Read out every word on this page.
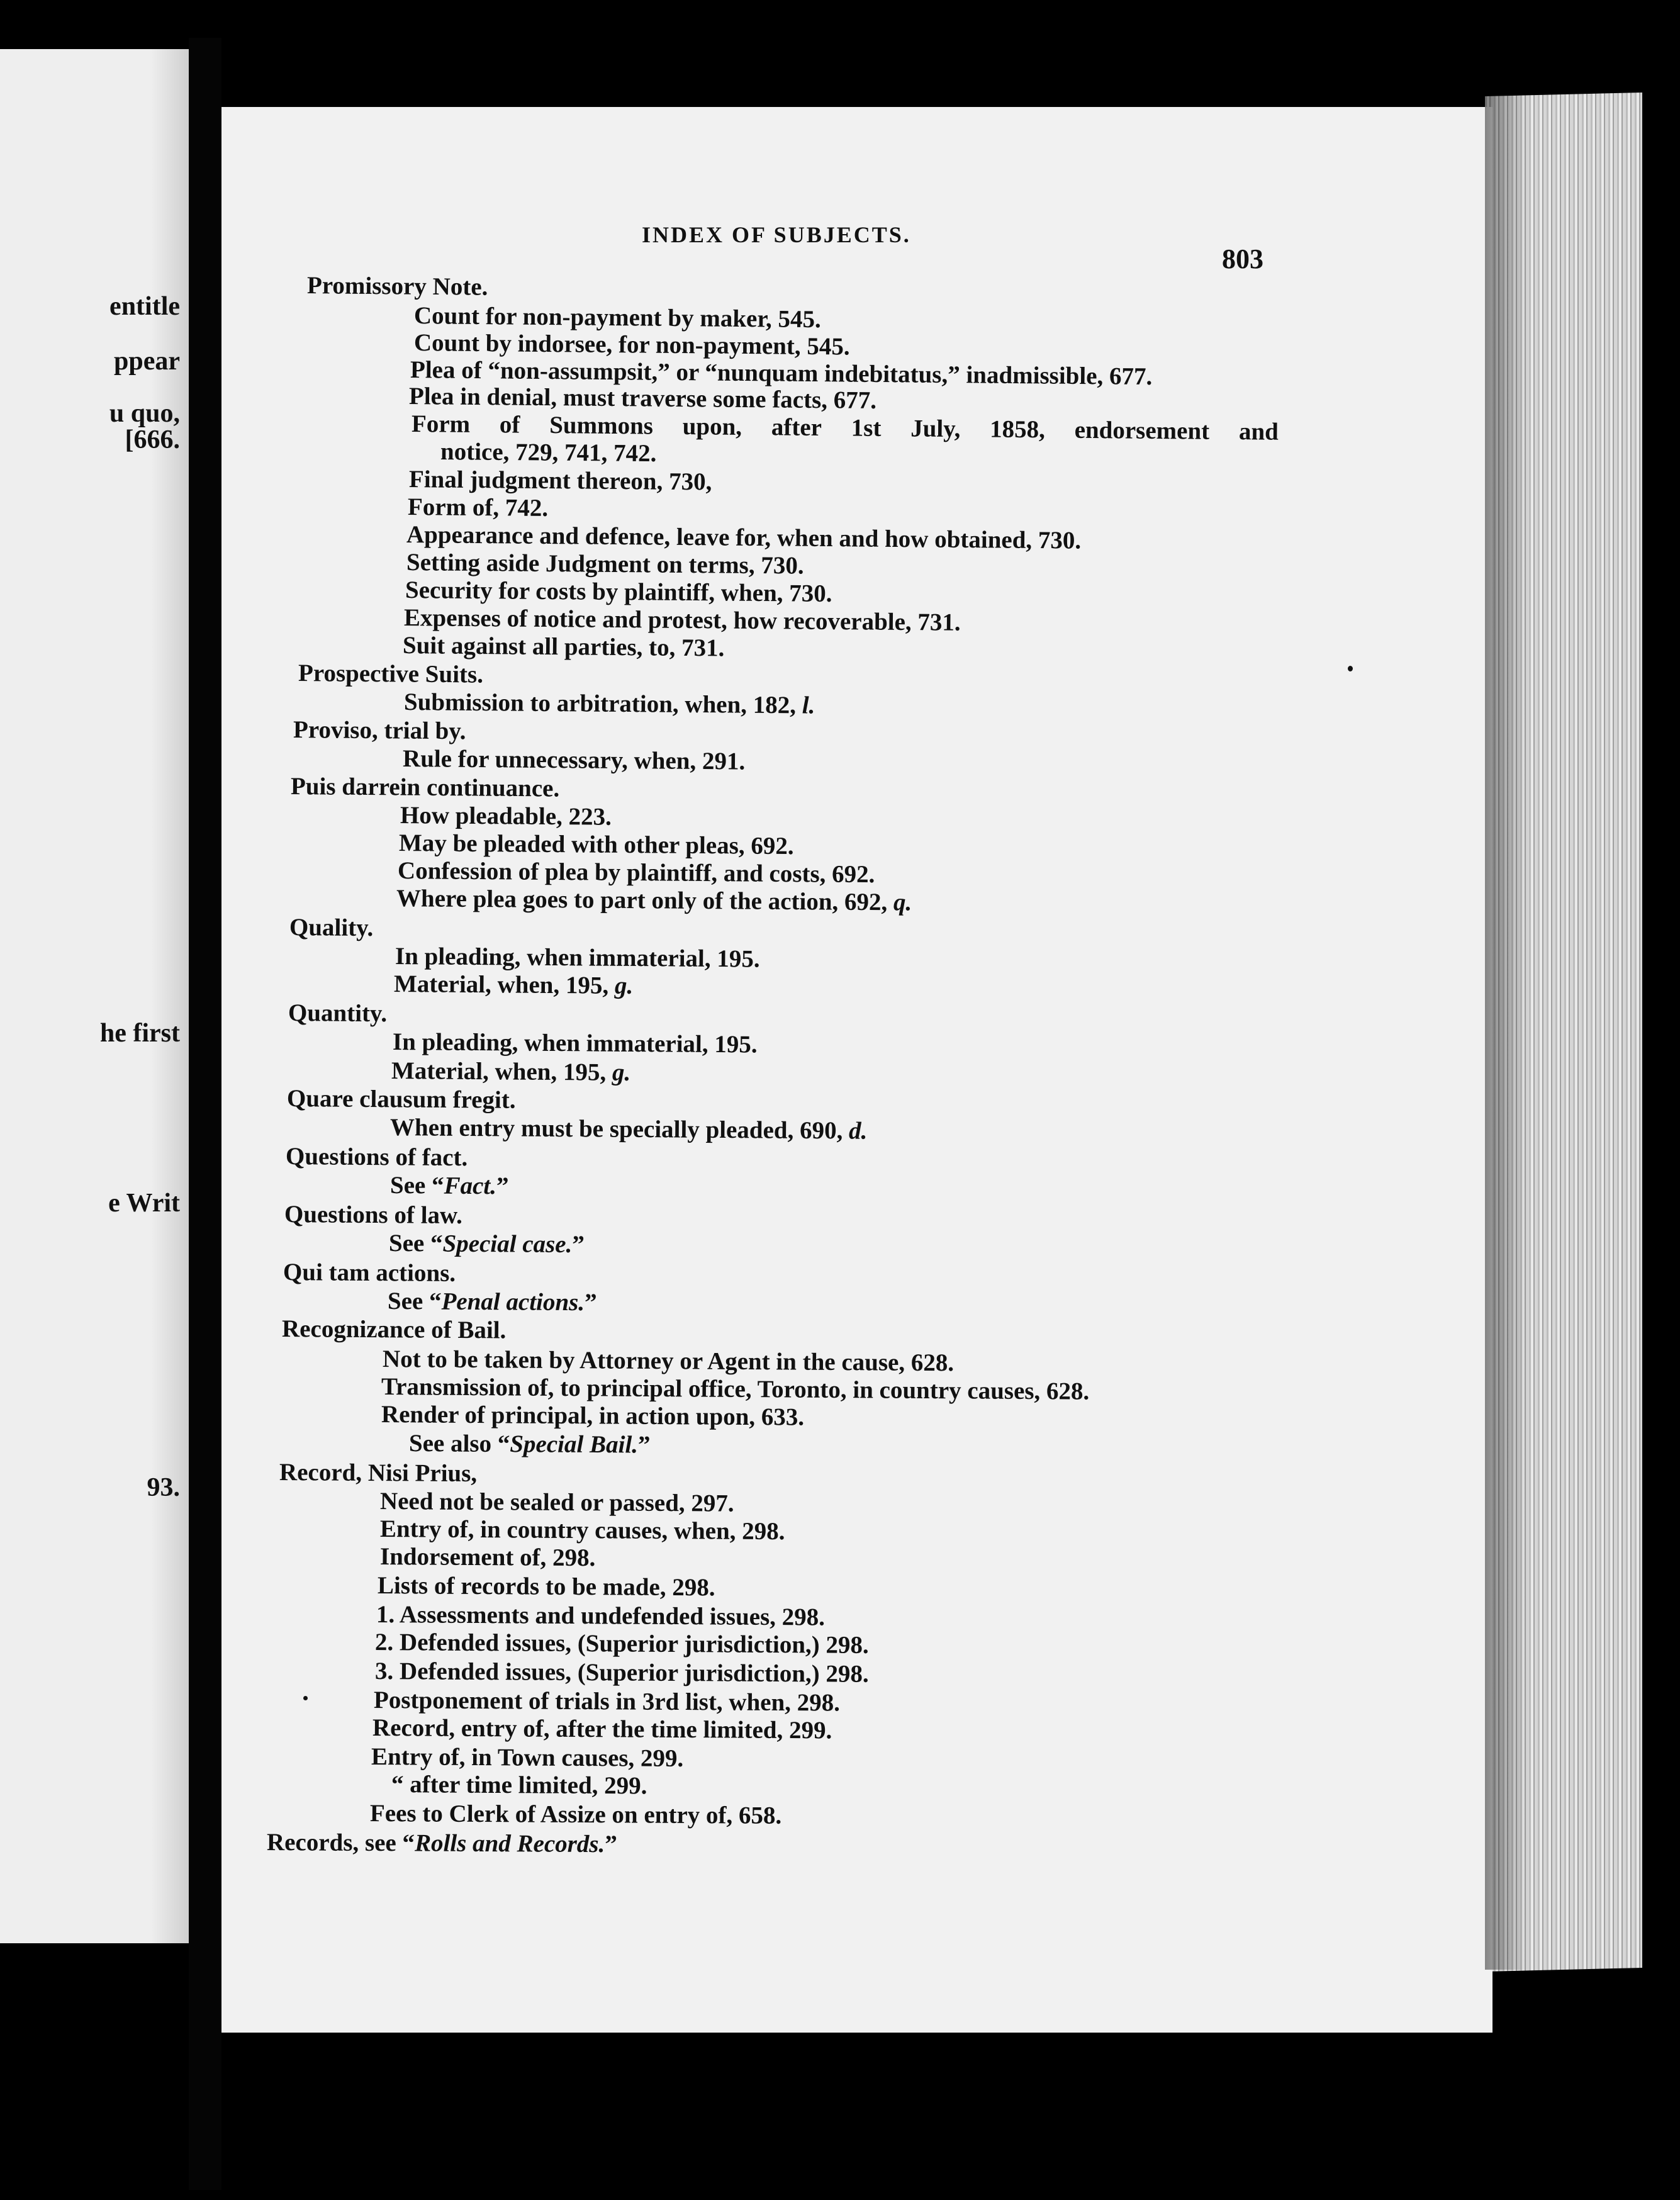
entitle

ppear

u quo,

[666.

he first

e Writ

93.

INDEX OF SUBJECTS.

803

Promissory Note.

Count for non-payment by maker, 545.

Count by indorsee, for non-payment, 545.

Plea of “non-assumpsit,” or “nunquam indebitatus,” inadmissible, 677.

Plea in denial, must traverse some facts, 677.

Form of Summons upon, after 1st July, 1858, endorsement and

notice, 729, 741, 742.

Final judgment thereon, 730,

Form of, 742.

Appearance and defence, leave for, when and how obtained, 730.

Setting aside Judgment on terms, 730.

Security for costs by plaintiff, when, 730.

Expenses of notice and protest, how recoverable, 731.

Suit against all parties, to, 731.

Prospective Suits.

Submission to arbitration, when, 182, l.

Proviso, trial by.

Rule for unnecessary, when, 291.

Puis darrein continuance.

How pleadable, 223.

May be pleaded with other pleas, 692.

Confession of plea by plaintiff, and costs, 692.

Where plea goes to part only of the action, 692, q.

Quality.

In pleading, when immaterial, 195.

Material, when, 195, g.

Quantity.

In pleading, when immaterial, 195.

Material, when, 195, g.

Quare clausum fregit.

When entry must be specially pleaded, 690, d.

Questions of fact.

See “Fact.”

Questions of law.

See “Special case.”

Qui tam actions.

See “Penal actions.”

Recognizance of Bail.

Not to be taken by Attorney or Agent in the cause, 628.

Transmission of, to principal office, Toronto, in country causes, 628.

Render of principal, in action upon, 633.

See also “Special Bail.”

Record, Nisi Prius,

Need not be sealed or passed, 297.

Entry of, in country causes, when, 298.

Indorsement of, 298.

Lists of records to be made, 298.

1. Assessments and undefended issues, 298.

2. Defended issues, (Superior jurisdiction,) 298.

3. Defended issues, (Superior jurisdiction,) 298.

Postponement of trials in 3rd list, when, 298.

Record, entry of, after the time limited, 299.

Entry of, in Town causes, 299.

“ after time limited, 299.

Fees to Clerk of Assize on entry of, 658.

Records, see “Rolls and Records.”
